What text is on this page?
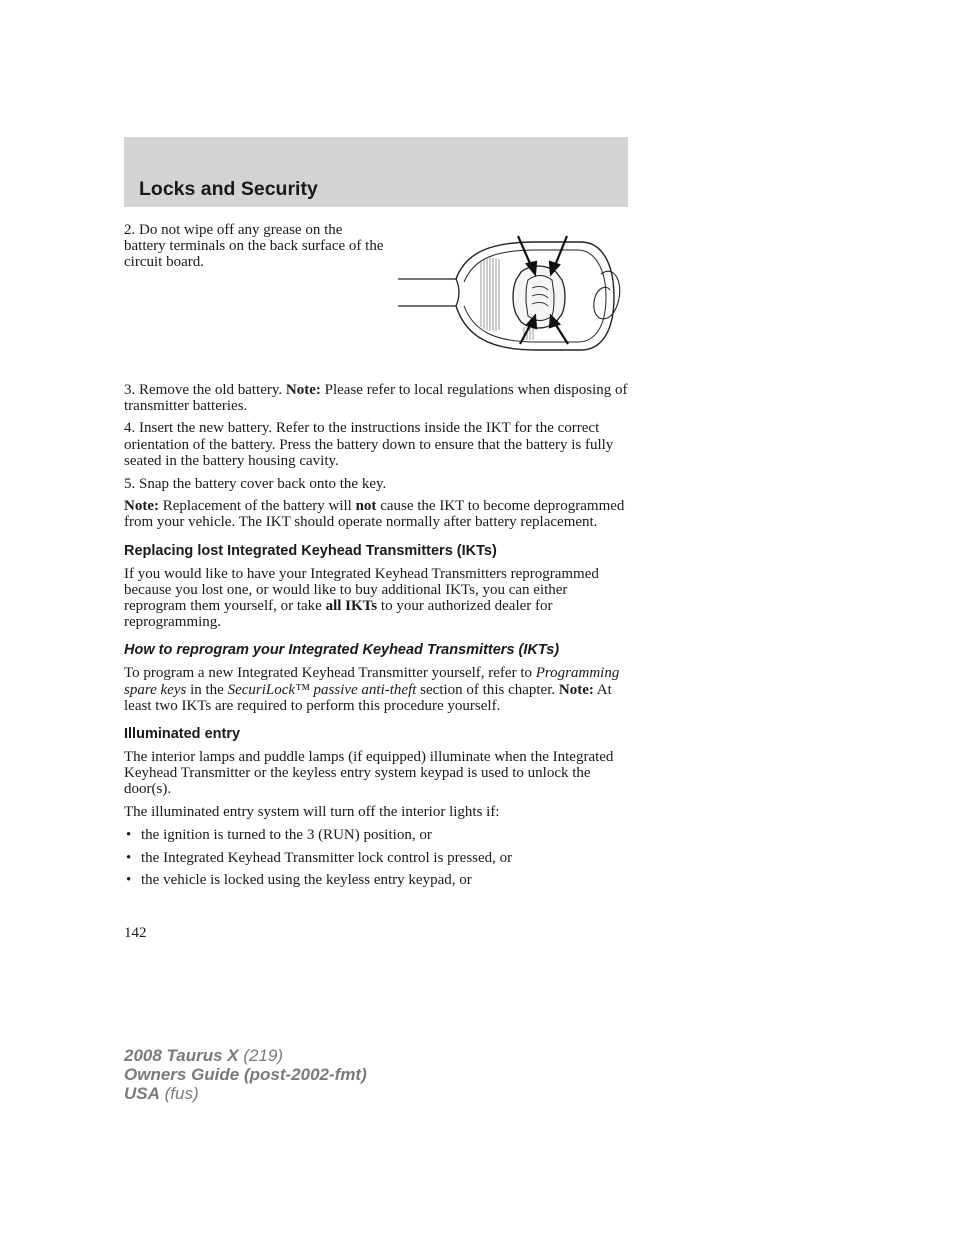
Locks and Security

2. Do not wipe off any grease on the battery terminals on the back surface of the circuit board.

3. Remove the old battery. Note: Please refer to local regulations when disposing of transmitter batteries.

4. Insert the new battery. Refer to the instructions inside the IKT for the correct orientation of the battery. Press the battery down to ensure that the battery is fully seated in the battery housing cavity.

5. Snap the battery cover back onto the key.

Note: Replacement of the battery will not cause the IKT to become deprogrammed from your vehicle. The IKT should operate normally after battery replacement.

Replacing lost Integrated Keyhead Transmitters (IKTs)

If you would like to have your Integrated Keyhead Transmitters reprogrammed because you lost one, or would like to buy additional IKTs, you can either reprogram them yourself, or take all IKTs to your authorized dealer for reprogramming.

How to reprogram your Integrated Keyhead Transmitters (IKTs)

To program a new Integrated Keyhead Transmitter yourself, refer to Programming spare keys in the SecuriLock™ passive anti-theft section of this chapter. Note: At least two IKTs are required to perform this procedure yourself.

Illuminated entry

The interior lamps and puddle lamps (if equipped) illuminate when the Integrated Keyhead Transmitter or the keyless entry system keypad is used to unlock the door(s).

The illuminated entry system will turn off the interior lights if:

• the ignition is turned to the 3 (RUN) position, or
• the Integrated Keyhead Transmitter lock control is pressed, or
• the vehicle is locked using the keyless entry keypad, or
142
2008 Taurus X (219)
Owners Guide (post-2002-fmt)
USA (fus)
